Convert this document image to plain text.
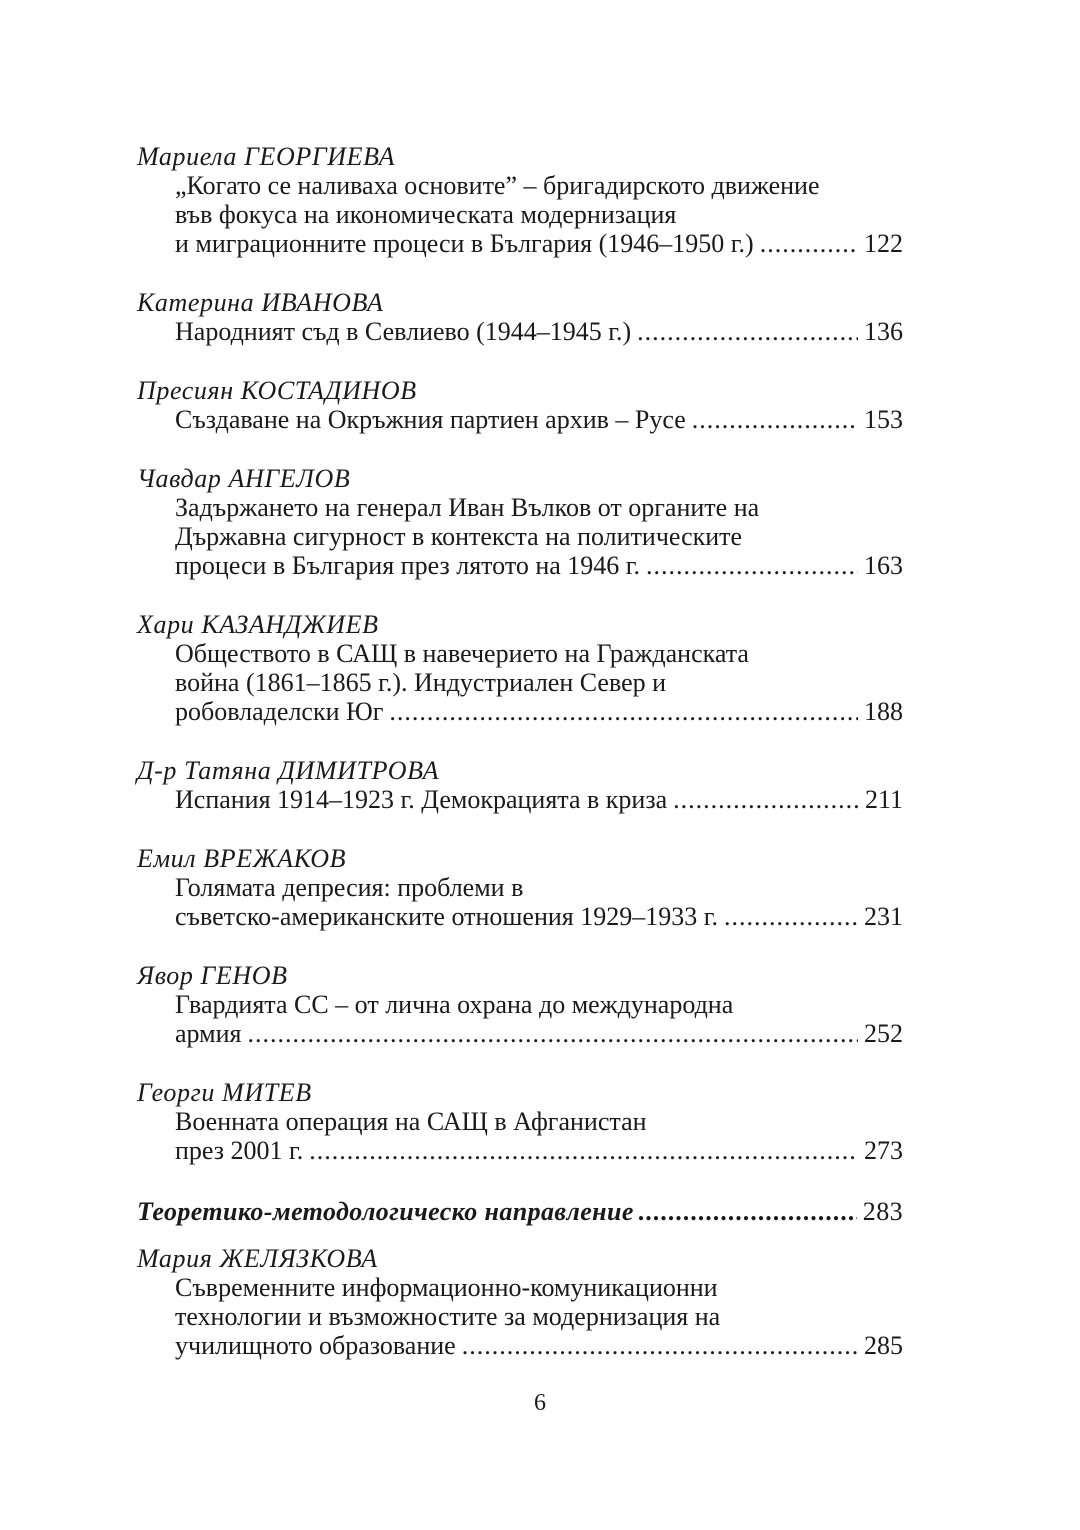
Мариела ГЕОРГИЕВА
„Когато се наливаха основите” – бригадирското движение
във фокуса на икономическата модернизация
и миграционните процеси в България (1946–1950 г.) .....	122
Катерина ИВАНОВА
Народният съд в Севлиево (1944–1945 г.) .....	136
Пресиян КОСТАДИНОВ
Създаване на Окръжния партиен архив – Русе .....	153
Чавдар АНГЕЛОВ
Задържането на генерал Иван Вълков от органите на
Държавна сигурност в контекста на политическите
процеси в България през лятото на 1946 г. .....	163
Хари КАЗАНДЖИЕВ
Обществото в САЩ в навечерието на Гражданската
война (1861–1865 г.). Индустриален Север и
робовладелски Юг .....	188
Д-р Татяна ДИМИТРОВА
Испания 1914–1923 г. Демокрацията в криза .....	211
Емил ВРЕЖАКОВ
Голямата депресия: проблеми в
съветско-американските отношения 1929–1933 г. .....	231
Явор ГЕНОВ
Гвардията СС – от лична охрана до международна
армия .....	252
Георги МИТЕВ
Военната операция на САЩ в Афганистан
през 2001 г. .....	273
Теоретико-методологическо направление .....	283
Мария ЖЕЛЯЗКОВА
Съвременните информационно-комуникационни
технологии и възможностите за модернизация на
училищното образование .....	285
6
